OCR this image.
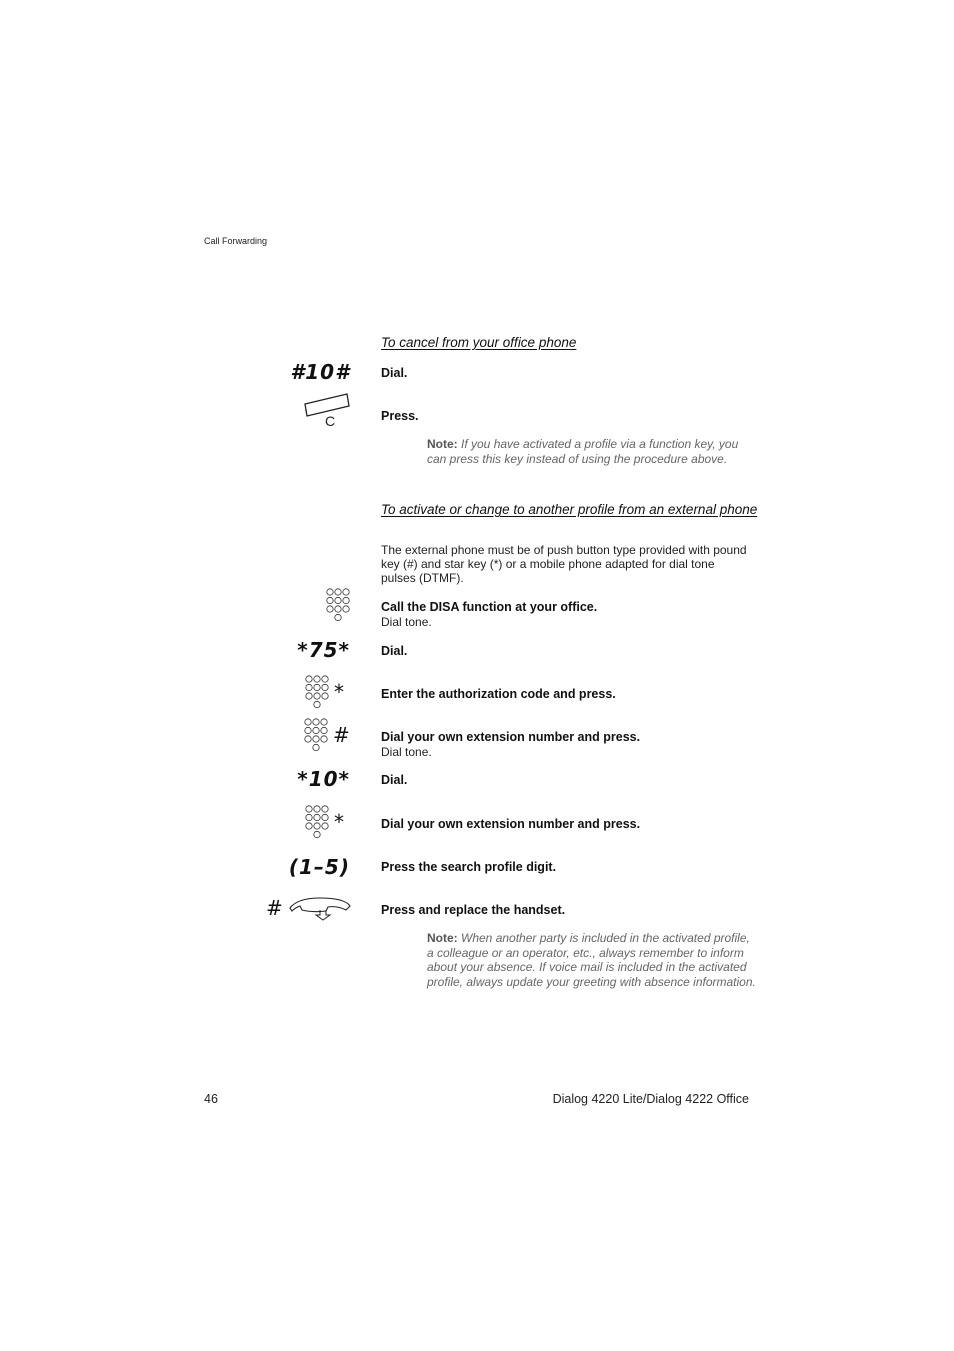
Call Forwarding
To cancel from your office phone
#10# Dial.
C	Press.
Note: If you have activated a profile via a function key, you can press this key instead of using the procedure above.
To activate or change to another profile from an external phone
The external phone must be of push button type provided with pound key (#) and star key (*) or a mobile phone adapted for dial tone pulses (DTMF).
Call the DISA function at your office.
Dial tone.
*75* Dial.
*	Enter the authorization code and press.
# Dial your own extension number and press.
Dial tone.
*10* Dial.
*	Dial your own extension number and press.
(1–5) Press the search profile digit.
#	Press and replace the handset.
Note: When another party is included in the activated profile, a colleague or an operator, etc., always remember to inform about your absence. If voice mail is included in the activated profile, always update your greeting with absence information.
46	Dialog 4220 Lite/Dialog 4222 Office
